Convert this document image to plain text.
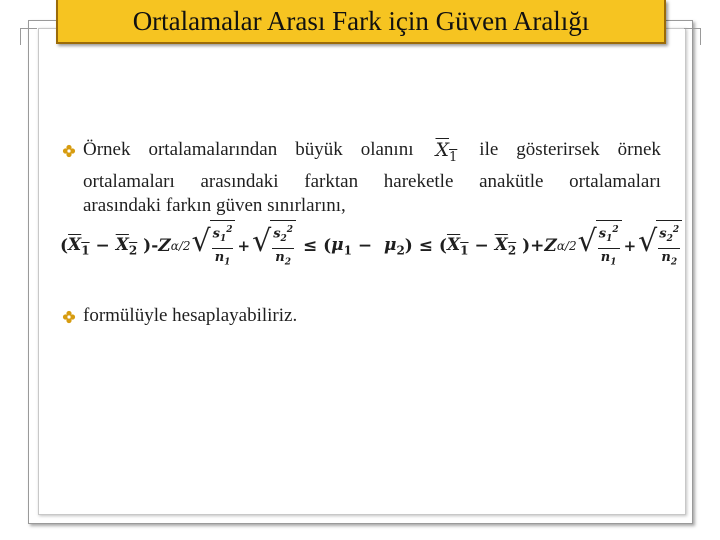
Ortalamalar Arası Fark için Güven Aralığı
Örnek ortalamalarından büyük olanını $X_1$ ile gösterirsek örnek
ortalamaları arasındaki farktan hareketle anakütle ortalamaları
arasındaki farkın güven sınırlarını,
( $X_1 - X_2$ )- Z α/2 √ $\frac{s_1^2}{n_1}$ + √ $\frac{s_2^2}{n_2}$ ≤ ( $\mu_1 - \mu_2$ ) ≤ ( $X_1 - X_2$ )+ Z α/2 √ $\frac{s_1^2}{n_1}$ + √ $\frac{s_2^2}{n_2}$
formülüyle hesaplayabiliriz.
